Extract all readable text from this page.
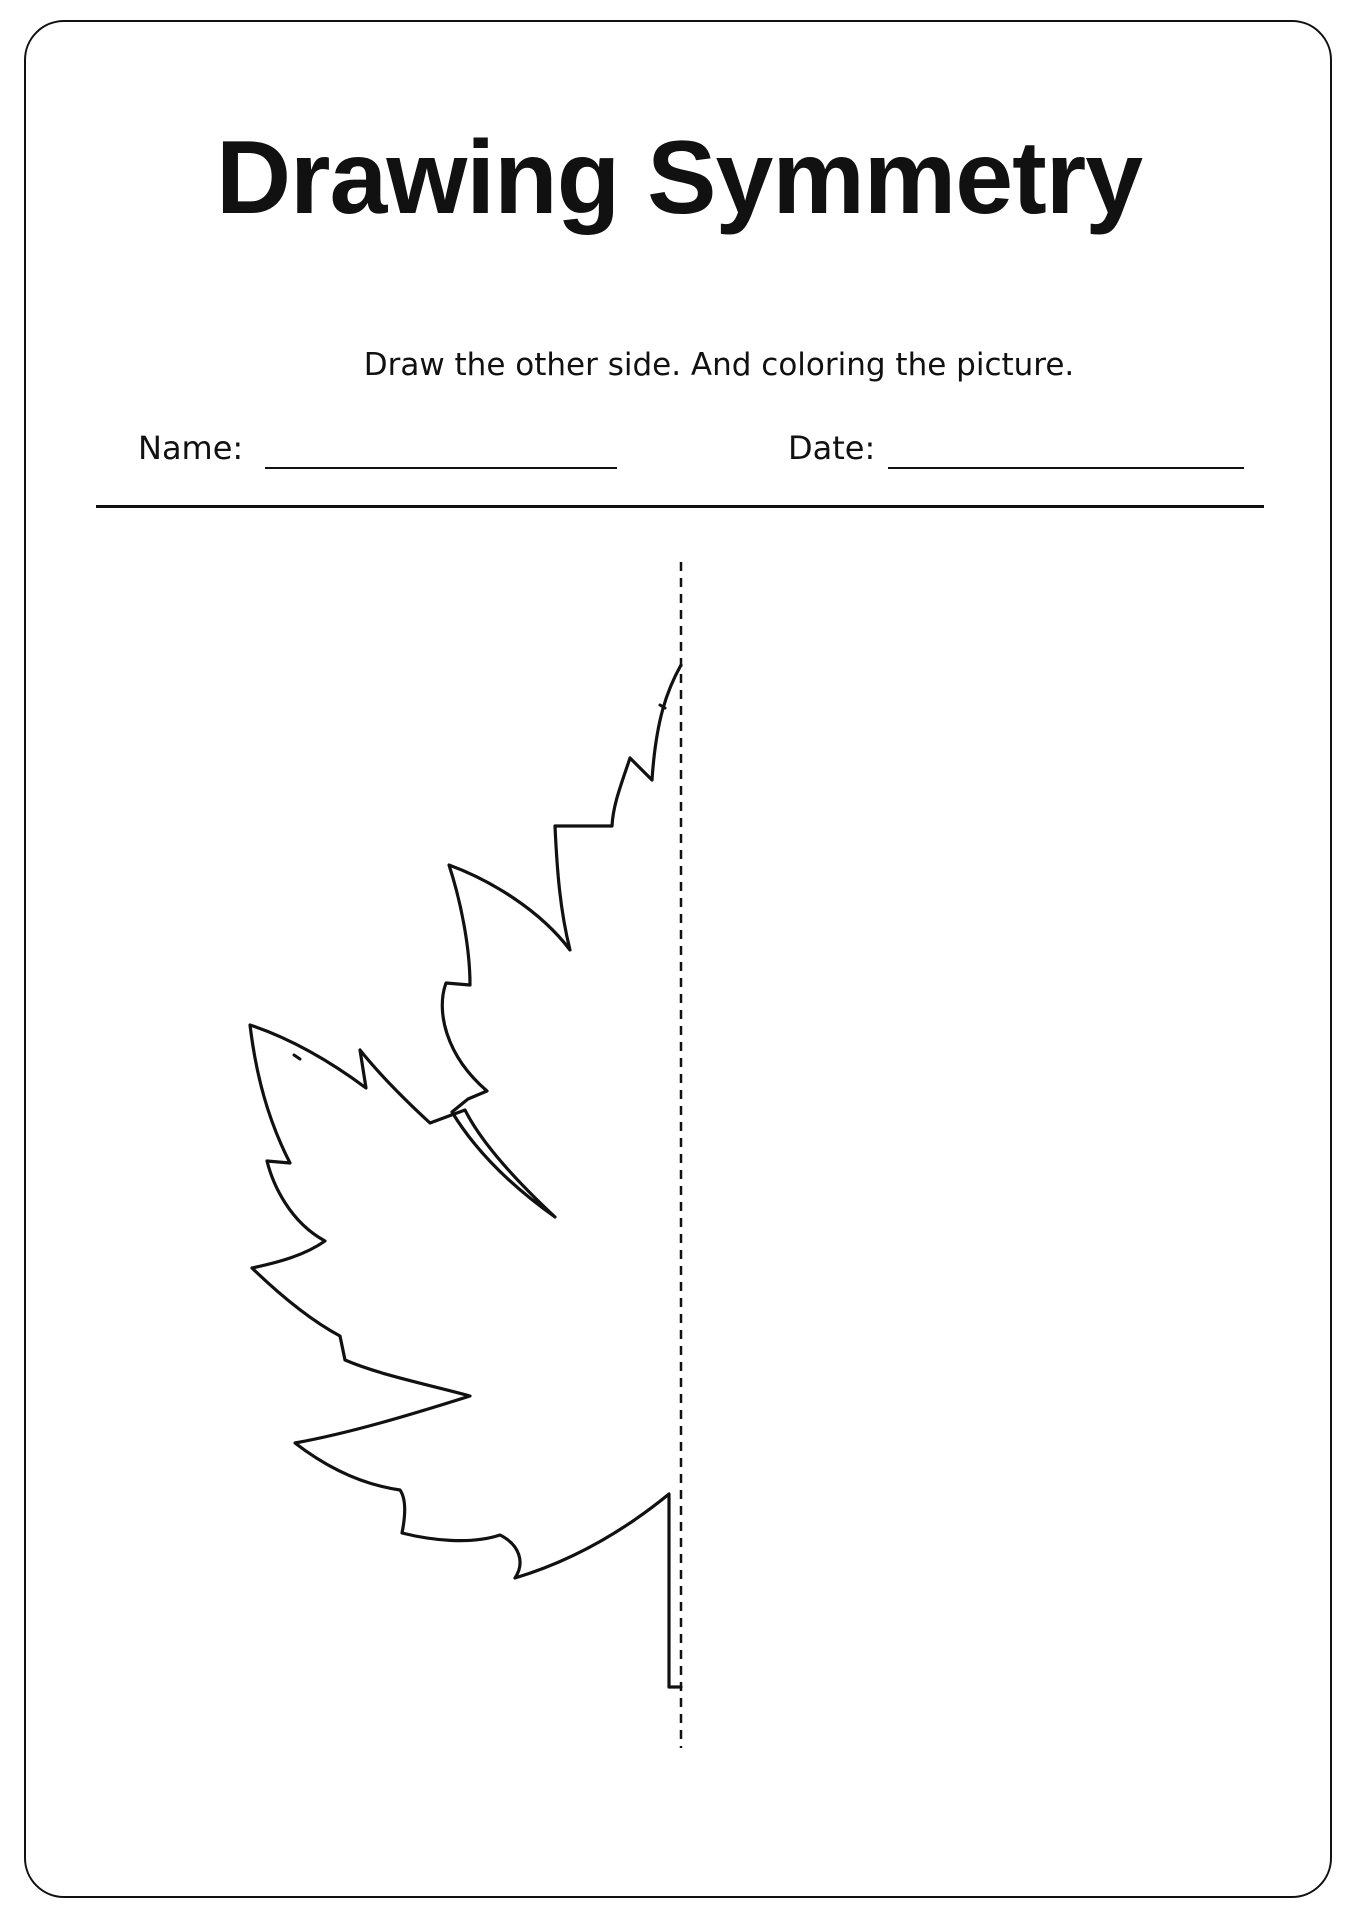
Drawing Symmetry
Draw the other side. And coloring the picture.
Name:	Date:
